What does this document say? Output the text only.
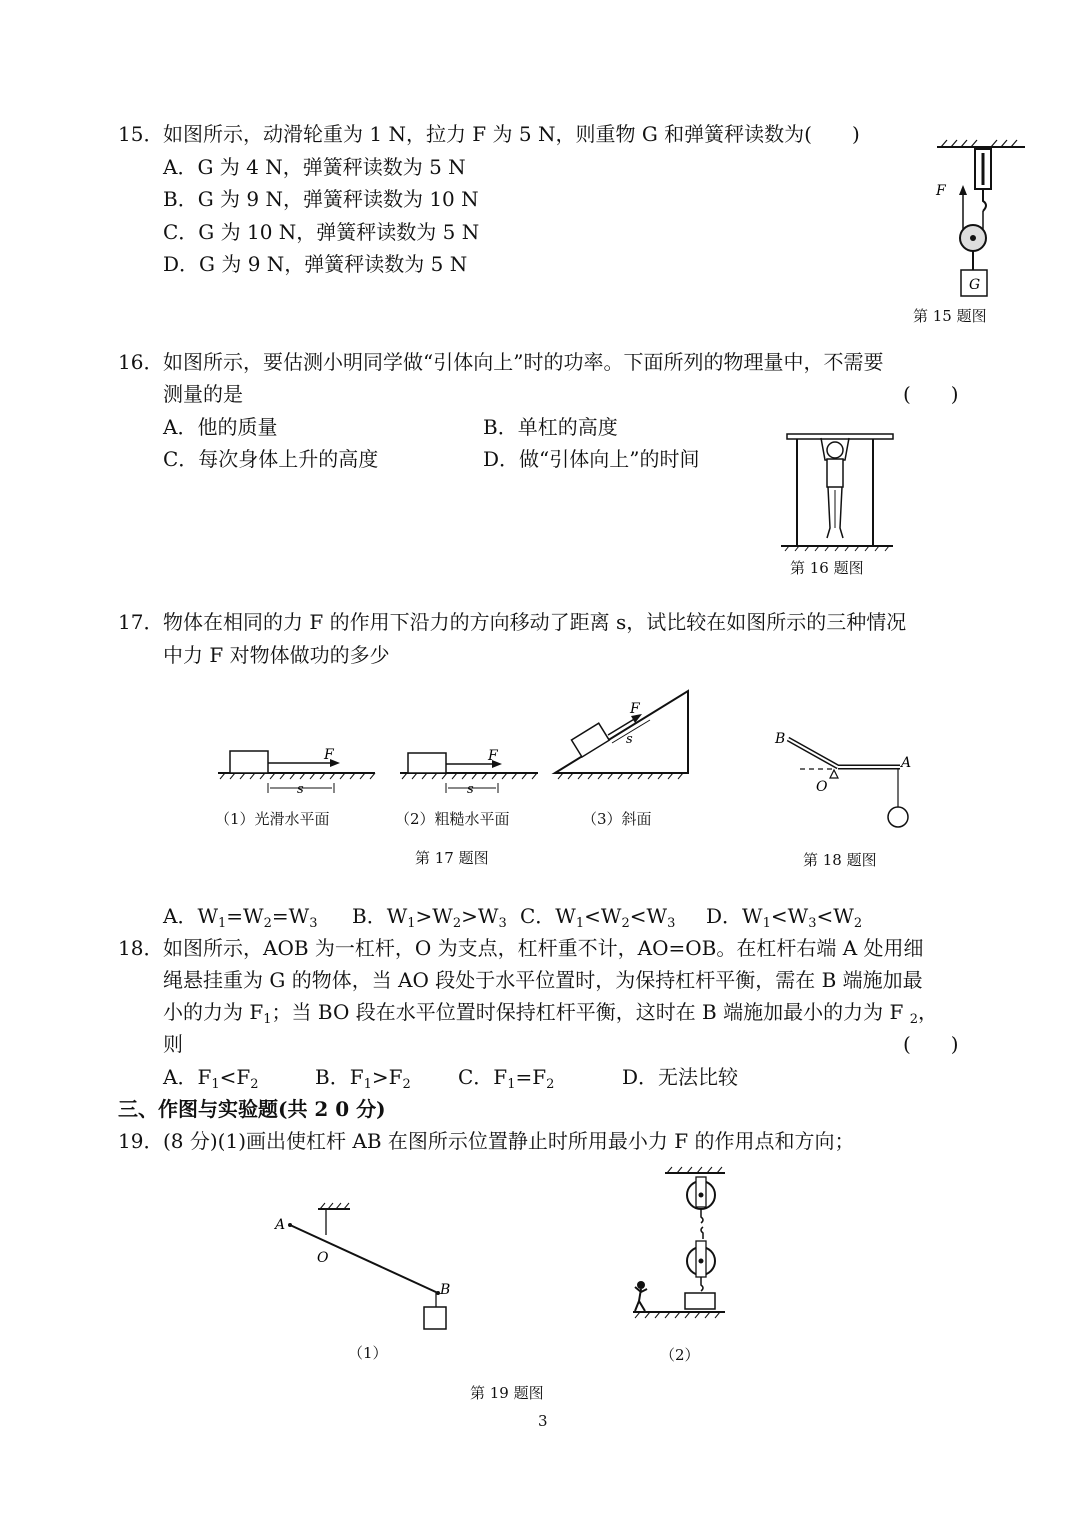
15． 如图所示，动滑轮重为 1 N，拉力 F 为 5 N，则重物 G 和弹簧秤读数为(　　)
A．G 为 4 N，弹簧秤读数为 5 N
B．G 为 9 N，弹簧秤读数为 10 N
C．G 为 10 N，弹簧秤读数为 5 N
D．G 为 9 N，弹簧秤读数为 5 N
F
G
第 15 题图
16． 如图所示，要估测小明同学做“引体向上”时的功率。下面所列的物理量中，不需要
测量的是	(　　)
A．他的质量	B．单杠的高度
C．每次身体上升的高度	D．做“引体向上”的时间
第 16 题图
17． 物体在相同的力 F 的作用下沿力的方向移动了距离 s，试比较在如图所示的三种情况
中力 F 对物体做功的多少
F
s
F
s
F
s
（1）光滑水平面	（2）粗糙水平面	（3）斜面
第 17 题图
B
A
O
第 18 题图
A．$W_1=W_2=W_3$ B．$W_1>W_2>W_3$ C．$W_1<W_2<W_3$ D．$W_1<W_3<W_2$
18． 如图所示，AOB 为一杠杆，O 为支点，杠杆重不计，AO=OB。在杠杆右端 A 处用细
绳悬挂重为 G 的物体，当 AO 段处于水平位置时，为保持杠杆平衡，需在 B 端施加最
小的力为 $F_1$；当 BO 段在水平位置时保持杠杆平衡，这时在 B 端施加最小的力为 F $_2$，
则	(　　)
A．$F_1<F_2$	B．$F_1>F_2$ C．$F_1=F_2$	D．无法比较
三、作图与实验题(共 2 0 分)
19． (8 分)(1)画出使杠杆 AB 在图所示位置静止时所用最小力 F 的作用点和方向；
A
O
B
（1）	（2）
第 19 题图
3
